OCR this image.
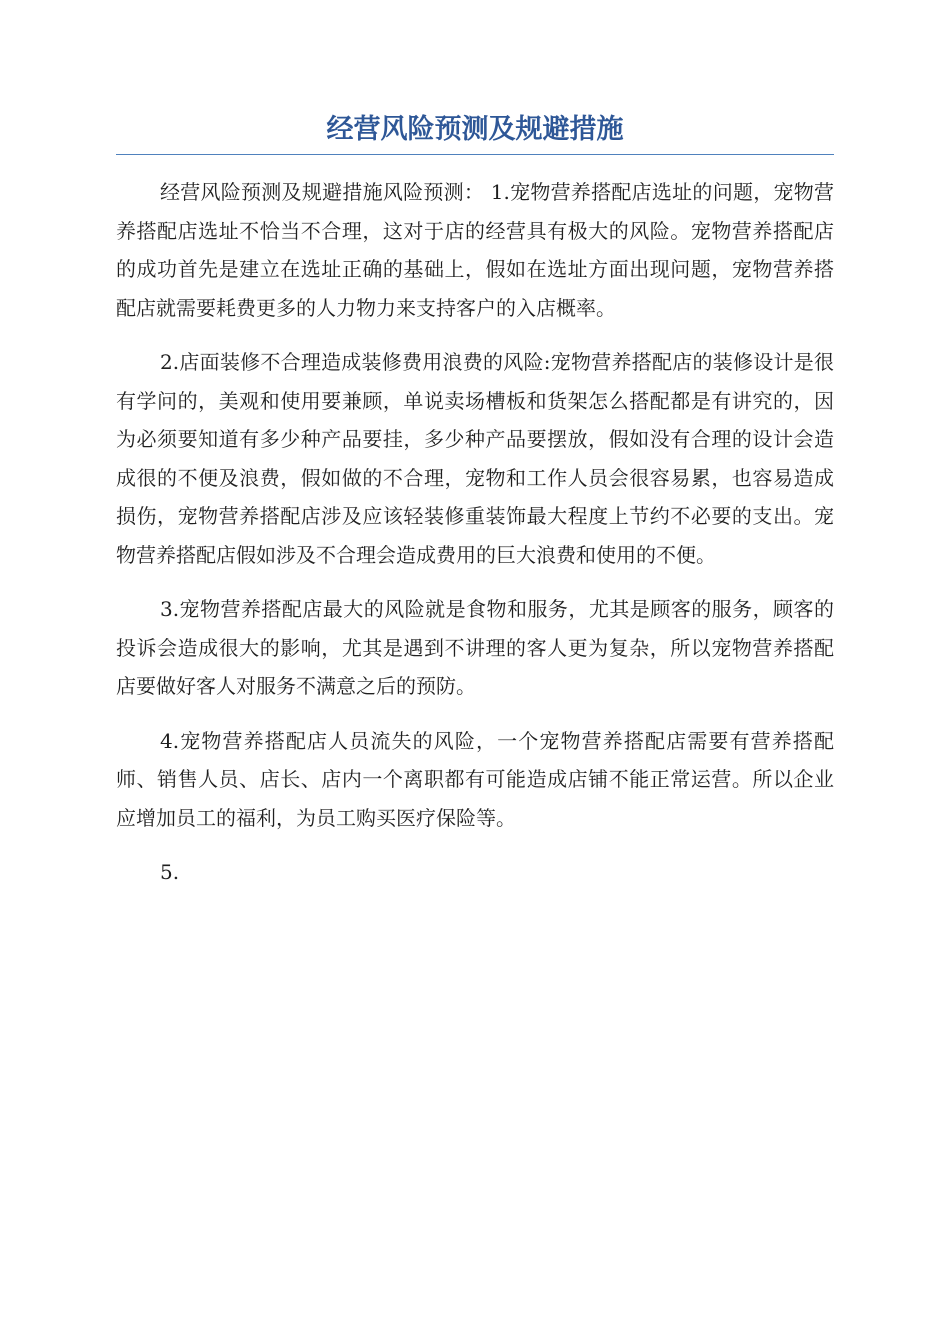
经营风险预测及规避措施

经营风险预测及规避措施风险预测： 1.宠物营养搭配店选址的问题，宠物营养搭配店选址不恰当不合理，这对于店的经营具有极大的风险。宠物营养搭配店的成功首先是建立在选址正确的基础上，假如在选址方面出现问题，宠物营养搭配店就需要耗费更多的人力物力来支持客户的入店概率。

2.店面装修不合理造成装修费用浪费的风险:宠物营养搭配店的装修设计是很有学问的，美观和使用要兼顾，单说卖场槽板和货架怎么搭配都是有讲究的，因为必须要知道有多少种产品要挂，多少种产品要摆放，假如没有合理的设计会造成很的不便及浪费，假如做的不合理，宠物和工作人员会很容易累，也容易造成损伤，宠物营养搭配店涉及应该轻装修重装饰最大程度上节约不必要的支出。宠物营养搭配店假如涉及不合理会造成费用的巨大浪费和使用的不便。

3.宠物营养搭配店最大的风险就是食物和服务，尤其是顾客的服务，顾客的投诉会造成很大的影响，尤其是遇到不讲理的客人更为复杂，所以宠物营养搭配店要做好客人对服务不满意之后的预防。

4.宠物营养搭配店人员流失的风险，一个宠物营养搭配店需要有营养搭配师、销售人员、店长、店内一个离职都有可能造成店铺不能正常运营。所以企业应增加员工的福利，为员工购买医疗保险等。

5.
